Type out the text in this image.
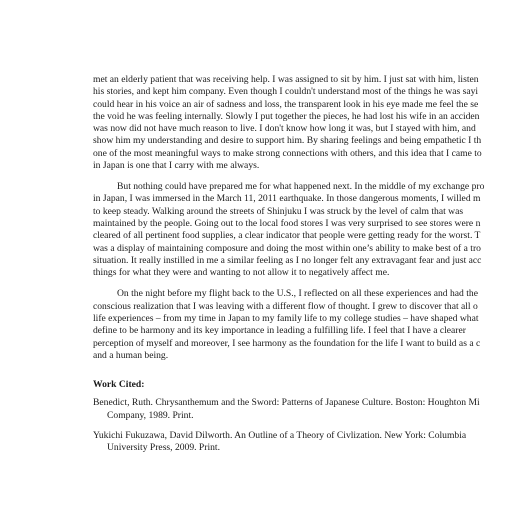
met an elderly patient that was receiving help. I was assigned to sit by him. I just sat with him, listen
his stories, and kept him company. Even though I couldn't understand most of the things he was sayi
could hear in his voice an air of sadness and loss, the transparent look in his eye made me feel the se
the void he was feeling internally. Slowly I put together the pieces, he had lost his wife in an acciden
was now did not have much reason to live. I don't know how long it was, but I stayed with him, and
show him my understanding and desire to support him. By sharing feelings and being empathetic I th
one of the most meaningful ways to make strong connections with others, and this idea that I came to
in Japan is one that I carry with me always.

But nothing could have prepared me for what happened next. In the middle of my exchange pro
in Japan, I was immersed in the March 11, 2011 earthquake. In those dangerous moments, I willed m
to keep steady. Walking around the streets of Shinjuku I was struck by the level of calm that was
maintained by the people. Going out to the local food stores I was very surprised to see stores were n
cleared of all pertinent food supplies, a clear indicator that people were getting ready for the worst. T
was a display of maintaining composure and doing the most within one’s ability to make best of a tro
situation. It really instilled in me a similar feeling as I no longer felt any extravagant fear and just acc
things for what they were and wanting to not allow it to negatively affect me.

On the night before my flight back to the U.S., I reflected on all these experiences and had the
conscious realization that I was leaving with a different flow of thought. I grew to discover that all o
life experiences – from my time in Japan to my family life to my college studies – have shaped what
define to be harmony and its key importance in leading a fulfilling life. I feel that I have a clearer
perception of myself and moreover, I see harmony as the foundation for the life I want to build as a c
and a human being.

Work Cited:

Benedict, Ruth. Chrysanthemum and the Sword: Patterns of Japanese Culture. Boston: Houghton Mi
Company, 1989. Print.

Yukichi Fukuzawa, David Dilworth. An Outline of a Theory of Civlization. New York: Columbia
University Press, 2009. Print.
